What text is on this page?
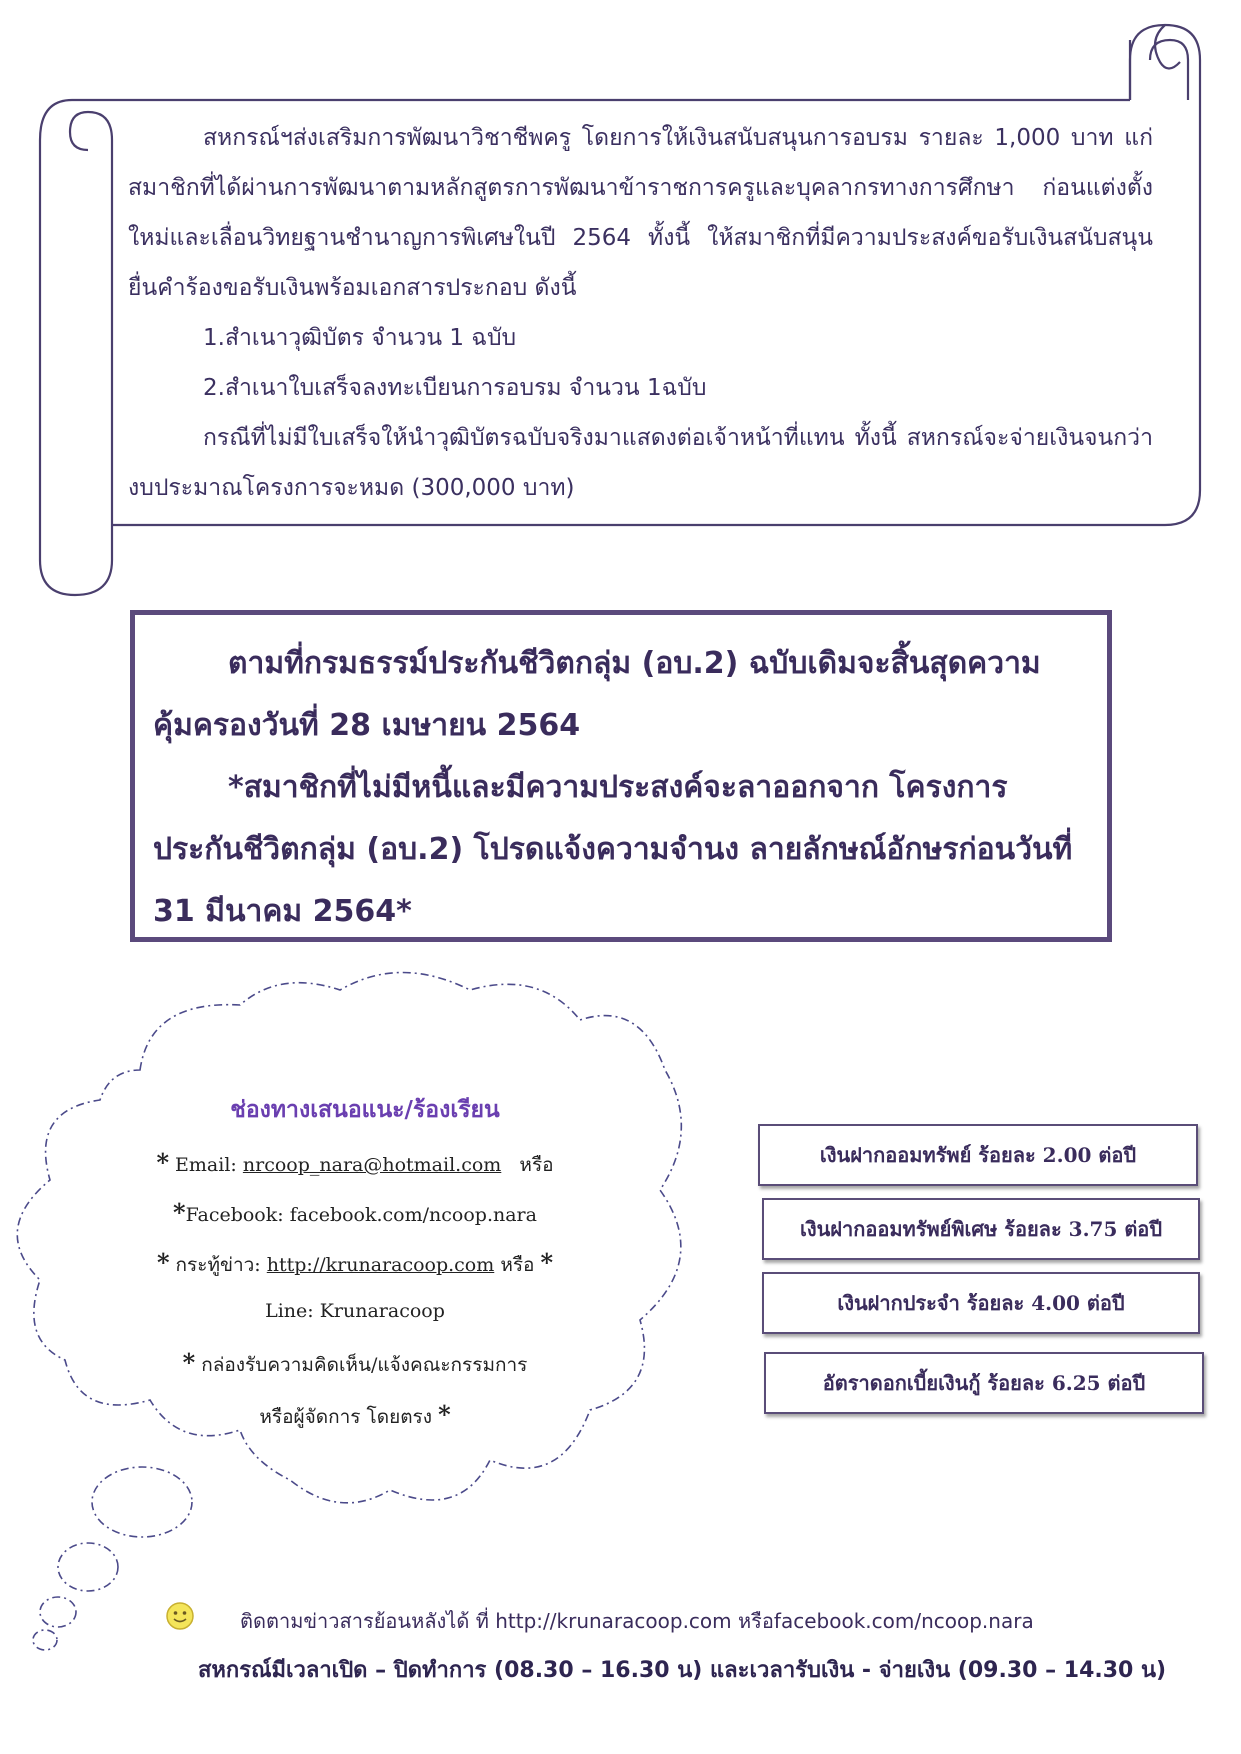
สหกรณ์ฯส่งเสริมการพัฒนาวิชาชีพครู โดยการให้เงินสนับสนุนการอบรม รายละ 1,000 บาท แก่สมาชิกที่ได้ผ่านการพัฒนาตามหลักสูตรการพัฒนาข้าราชการครูและบุคลากรทางการศึกษา ก่อนแต่งตั้งใหม่และเลื่อนวิทยฐานชำนาญการพิเศษในปี 2564 ทั้งนี้ ให้สมาชิกที่มีความประสงค์ขอรับเงินสนับสนุนยื่นคำร้องขอรับเงินพร้อมเอกสารประกอบ ดังนี้

1.สำเนาวุฒิบัตร จำนวน 1 ฉบับ

2.สำเนาใบเสร็จลงทะเบียนการอบรม จำนวน 1ฉบับ

กรณีที่ไม่มีใบเสร็จให้นำวุฒิบัตรฉบับจริงมาแสดงต่อเจ้าหน้าที่แทน ทั้งนี้ สหกรณ์จะจ่ายเงินจนกว่างบประมาณโครงการจะหมด (300,000 บาท)

ตามที่กรมธรรม์ประกันชีวิตกลุ่ม (อบ.2) ฉบับเดิมจะสิ้นสุดความคุ้มครองวันที่ 28 เมษายน 2564

*สมาชิกที่ไม่มีหนี้และมีความประสงค์จะลาออกจาก โครงการประกันชีวิตกลุ่ม (อบ.2) โปรดแจ้งความจำนง ลายลักษณ์อักษรก่อนวันที่ 31 มีนาคม 2564*

ช่องทางเสนอแนะ/ร้องเรียน
* Email: nrcoop_nara@hotmail.com หรือ
*Facebook: facebook.com/ncoop.nara
* กระทู้ข่าว: http://krunaracoop.com หรือ *
Line: Krunaracoop
* กล่องรับความคิดเห็น/แจ้งคณะกรรมการ
หรือผู้จัดการ โดยตรง *
เงินฝากออมทรัพย์ ร้อยละ 2.00 ต่อปี
เงินฝากออมทรัพย์พิเศษ ร้อยละ 3.75 ต่อปี
เงินฝากประจำ ร้อยละ 4.00 ต่อปี
อัตราดอกเบี้ยเงินกู้ ร้อยละ 6.25 ต่อปี
ติดตามข่าวสารย้อนหลังได้ ที่ http://krunaracoop.com หรือfacebook.com/ncoop.nara
สหกรณ์มีเวลาเปิด – ปิดทำการ (08.30 – 16.30 น) และเวลารับเงิน - จ่ายเงิน (09.30 – 14.30 น)
